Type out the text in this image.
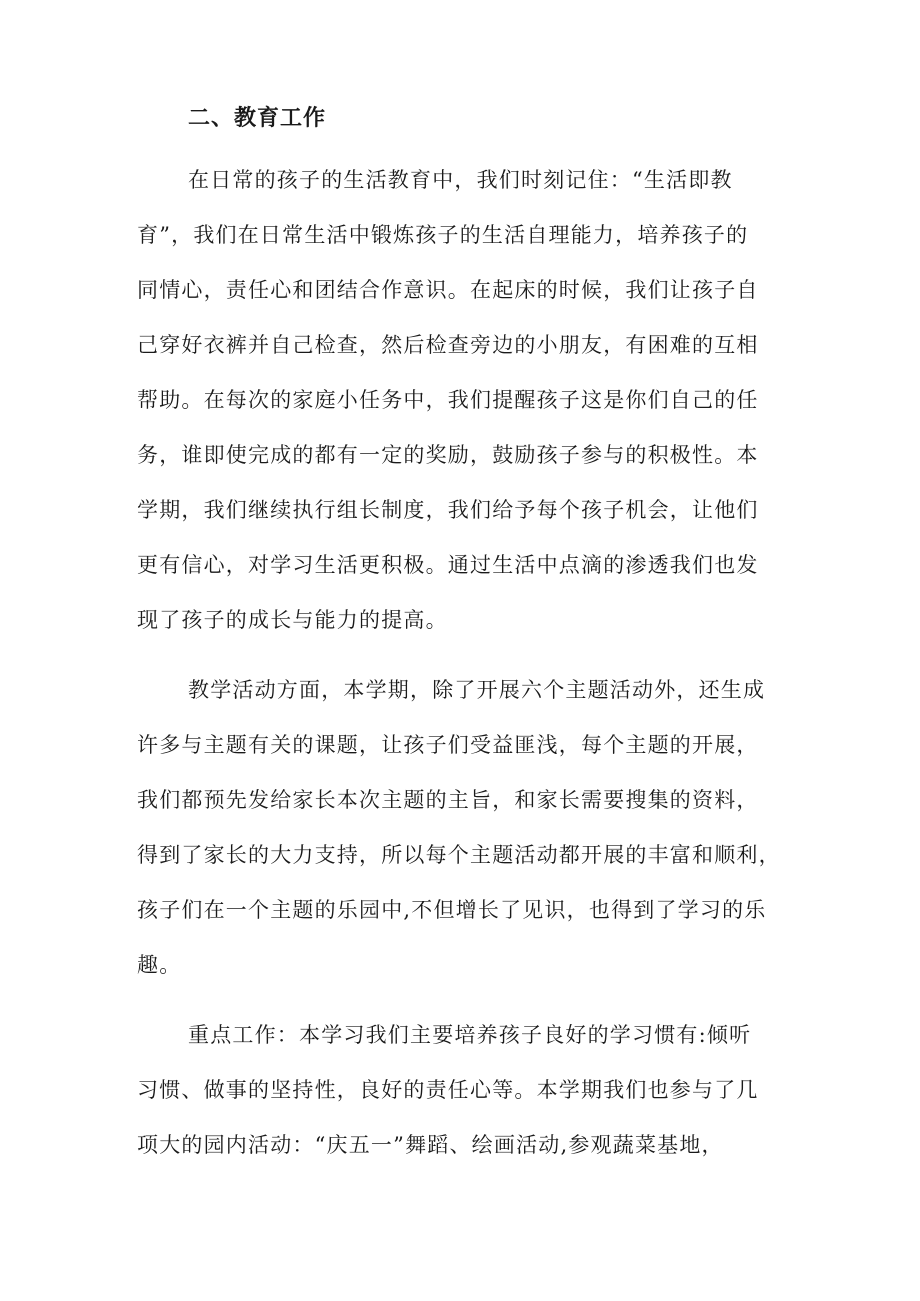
二、教育工作
在日常的孩子的生活教育中，我们时刻记住：“生活即教
育”，我们在日常生活中锻炼孩子的生活自理能力，培养孩子的
同情心，责任心和团结合作意识。在起床的时候，我们让孩子自
己穿好衣裤并自己检查，然后检查旁边的小朋友，有困难的互相
帮助。在每次的家庭小任务中，我们提醒孩子这是你们自己的任
务，谁即使完成的都有一定的奖励，鼓励孩子参与的积极性。本
学期，我们继续执行组长制度，我们给予每个孩子机会，让他们
更有信心，对学习生活更积极。通过生活中点滴的渗透我们也发
现了孩子的成长与能力的提高。
教学活动方面，本学期，除了开展六个主题活动外，还生成
许多与主题有关的课题，让孩子们受益匪浅，每个主题的开展，
我们都预先发给家长本次主题的主旨，和家长需要搜集的资料，
得到了家长的大力支持，所以每个主题活动都开展的丰富和顺利，
孩子们在一个主题的乐园中,不但增长了见识，也得到了学习的乐
趣。
重点工作：本学习我们主要培养孩子良好的学习惯有:倾听
习惯、做事的坚持性，良好的责任心等。本学期我们也参与了几
项大的园内活动：“庆五一”舞蹈、绘画活动,参观蔬菜基地，
